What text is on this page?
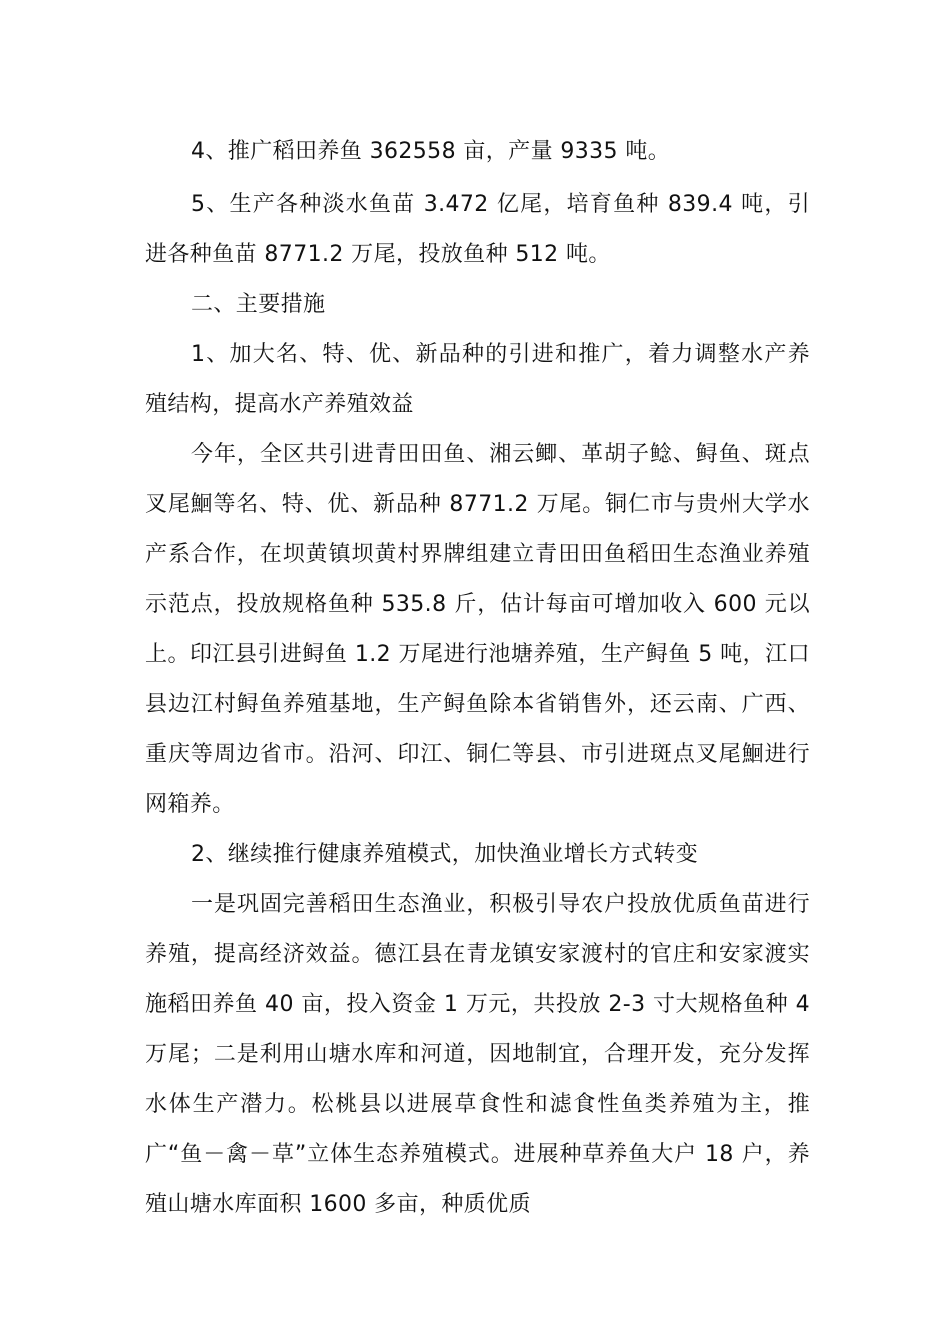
4、推广稻田养鱼 362558 亩，产量 9335 吨。

5、生产各种淡水鱼苗 3.472 亿尾，培育鱼种 839.4 吨，引进各种鱼苗 8771.2 万尾，投放鱼种 512 吨。

二、主要措施

1、加大名、特、优、新品种的引进和推广，着力调整水产养殖结构，提高水产养殖效益

今年，全区共引进青田田鱼、湘云鲫、革胡子鲶、鲟鱼、斑点叉尾鮰等名、特、优、新品种 8771.2 万尾。铜仁市与贵州大学水产系合作，在坝黄镇坝黄村界牌组建立青田田鱼稻田生态渔业养殖示范点，投放规格鱼种 535.8 斤，估计每亩可增加收入 600 元以上。印江县引进鲟鱼 1.2 万尾进行池塘养殖，生产鲟鱼 5 吨，江口县边江村鲟鱼养殖基地，生产鲟鱼除本省销售外，还云南、广西、重庆等周边省市。沿河、印江、铜仁等县、市引进斑点叉尾鮰进行网箱养。

2、继续推行健康养殖模式，加快渔业增长方式转变

一是巩固完善稻田生态渔业，积极引导农户投放优质鱼苗进行养殖，提高经济效益。德江县在青龙镇安家渡村的官庄和安家渡实施稻田养鱼 40 亩，投入资金 1 万元，共投放 2-3 寸大规格鱼种 4 万尾；二是利用山塘水库和河道，因地制宜，合理开发，充分发挥水体生产潜力。松桃县以进展草食性和滤食性鱼类养殖为主，推广“鱼－禽－草”立体生态养殖模式。进展种草养鱼大户 18 户，养殖山塘水库面积 1600 多亩，种质优质
